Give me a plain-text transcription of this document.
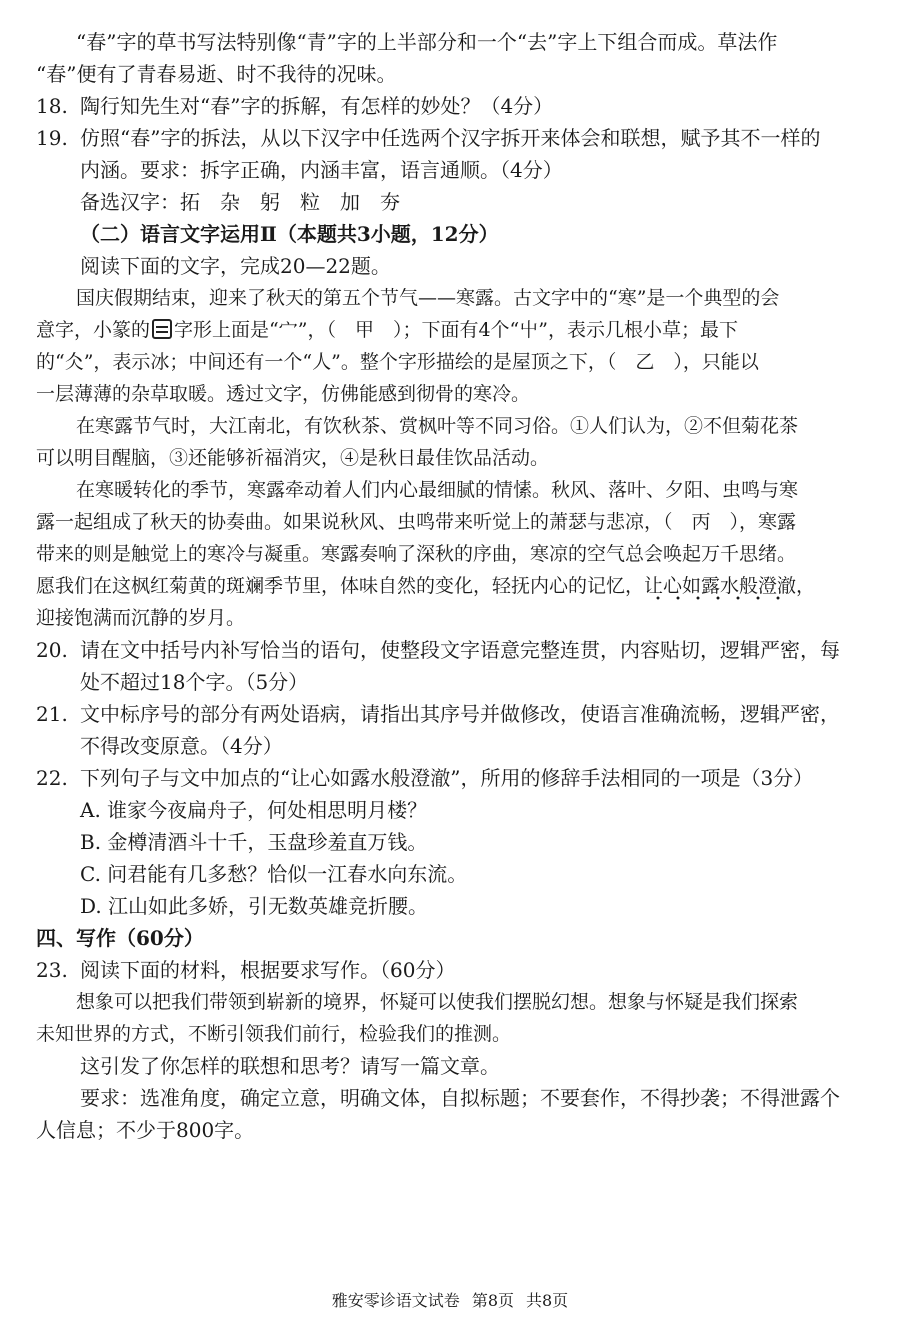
“春”字的草书写法特别像“青”字的上半部分和一个“去”字上下组合而成。草法作
“春”便有了青春易逝、时不我待的况味。
18. 陶行知先生对“春”字的拆解，有怎样的妙处？（4分）
19. 仿照“春”字的拆法，从以下汉字中任选两个汉字拆开来体会和联想，赋予其不一样的
内涵。要求：拆字正确，内涵丰富，语言通顺。（4分）
备选汉字：拓　杂　躬　粒　加　夯
（二）语言文字运用Ⅱ（本题共3小题，12分）
阅读下面的文字，完成20—22题。
国庆假期结束，迎来了秋天的第五个节气——寒露。古文字中的“寒”是一个典型的会
意字，小篆的 字形上面是“宀”，（　甲　）；下面有4个“屮”，表示几根小草；最下
的“仌”，表示冰；中间还有一个“人”。整个字形描绘的是屋顶之下，（　乙　），只能以
一层薄薄的杂草取暖。透过文字，仿佛能感到彻骨的寒冷。
在寒露节气时，大江南北，有饮秋茶、赏枫叶等不同习俗。①人们认为，②不但菊花茶
可以明目醒脑，③还能够祈福消灾，④是秋日最佳饮品活动。
在寒暖转化的季节，寒露牵动着人们内心最细腻的情愫。秋风、落叶、夕阳、虫鸣与寒
露一起组成了秋天的协奏曲。如果说秋风、虫鸣带来听觉上的萧瑟与悲凉，（　丙　），寒露
带来的则是触觉上的寒冷与凝重。寒露奏响了深秋的序曲，寒凉的空气总会唤起万千思绪。
愿我们在这枫红菊黄的斑斓季节里，体味自然的变化，轻抚内心的记忆，让心如露水般澄澈，
迎接饱满而沉静的岁月。
20. 请在文中括号内补写恰当的语句，使整段文字语意完整连贯，内容贴切，逻辑严密，每
处不超过18个字。（5分）
21. 文中标序号的部分有两处语病，请指出其序号并做修改，使语言准确流畅，逻辑严密，
不得改变原意。（4分）
22. 下列句子与文中加点的“让心如露水般澄澈”，所用的修辞手法相同的一项是（3分）
A. 谁家今夜扁舟子，何处相思明月楼？
B. 金樽清酒斗十千，玉盘珍羞直万钱。
C. 问君能有几多愁？恰似一江春水向东流。
D. 江山如此多娇，引无数英雄竞折腰。
四、写作（60分）
23. 阅读下面的材料，根据要求写作。（60分）
想象可以把我们带领到崭新的境界，怀疑可以使我们摆脱幻想。想象与怀疑是我们探索
未知世界的方式，不断引领我们前行，检验我们的推测。
这引发了你怎样的联想和思考？请写一篇文章。
要求：选准角度，确定立意，明确文体，自拟标题；不要套作，不得抄袭；不得泄露个
人信息；不少于800字。
雅安零诊语文试卷 第8页 共8页
